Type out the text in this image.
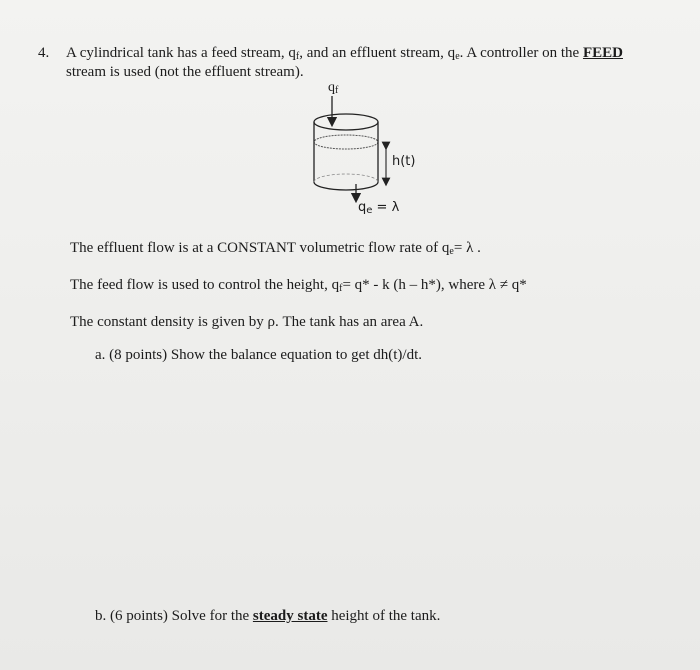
4. A cylindrical tank has a feed stream, $q_f$, and an effluent stream, $q_e$. A controller on the FEED
stream is used (not the effluent stream).
$q_f$
h(t)
$q_e = \lambda$
The effluent flow is at a CONSTANT volumetric flow rate of $q_e= \lambda$ .
The feed flow is used to control the height, $q_f= q* - k$ (h – h*), where λ ≠ q*
The constant density is given by ρ. The tank has an area A.
a. (8 points) Show the balance equation to get dh(t)/dt.
b. (6 points) Solve for the steady state height of the tank.
